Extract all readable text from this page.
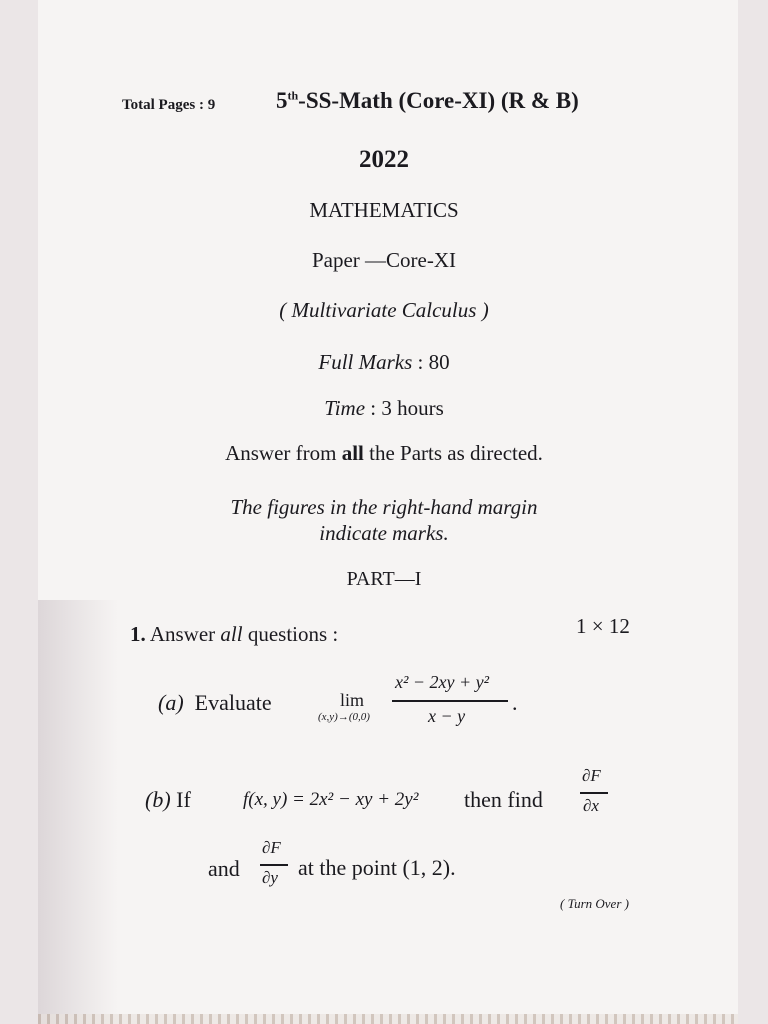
Total Pages : 9	5th-SS-Math (Core-XI) (R & B)
2022
MATHEMATICS
Paper —Core-XI
( Multivariate Calculus )
Full Marks : 80
Time : 3 hours
Answer from all the Parts as directed.
The figures in the right-hand margin
indicate marks.
PART—I
1. Answer all questions :	1 × 12
(a) Evaluate	lim
(x,y)→(0,0)
x² − 2xy + y²
x − y
.
(b) If	f(x, y) = 2x² − xy + 2y² then find
∂F
∂x
and
∂F
∂y at the point (1, 2).
( Turn Over )
